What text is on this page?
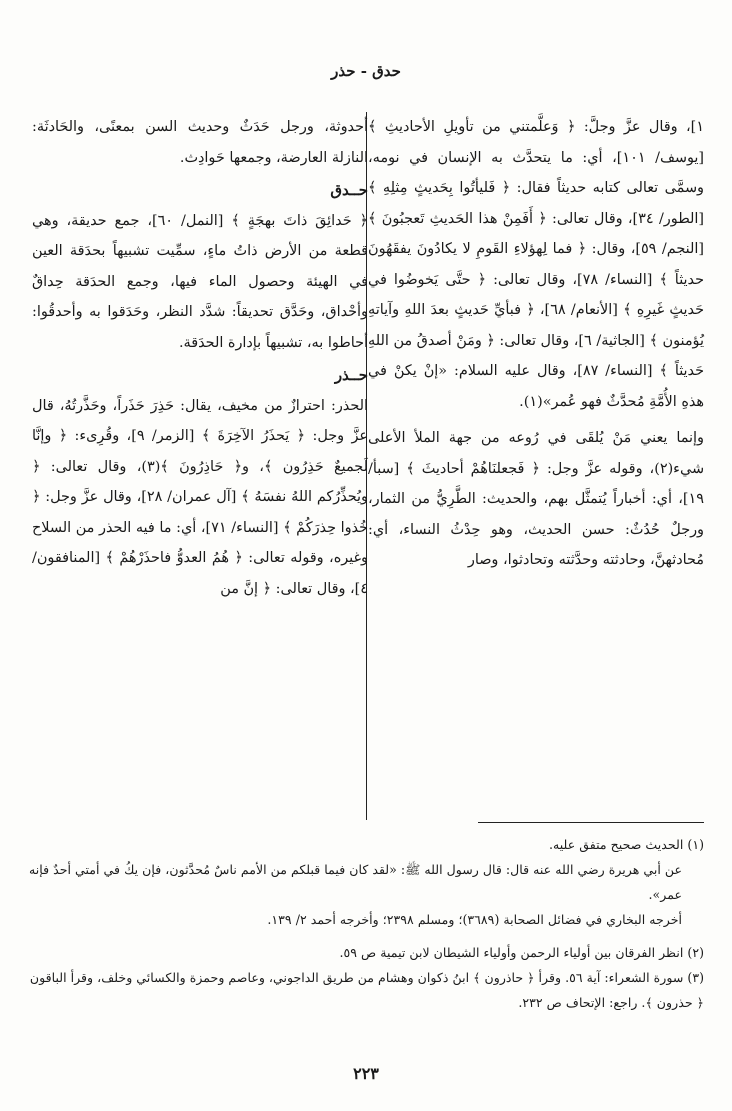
حدق - حذر

١]، وقال عزَّ وجلَّ: ﴿ وَعلَّمتني من تأويلِ الأحاديثِ ﴾ [يوسف/ ١٠١]، أي: ما يتحدَّث به الإنسان في نومه، وسمَّى تعالى كتابه حديثاً فقال: ﴿ فَليأتُوا بِحَديثٍ مِثلِهِ ﴾ [الطور/ ٣٤]، وقال تعالى: ﴿ أَفَمِنْ هذا الحَديثِ تَعجبُونَ ﴾ [النجم/ ٥٩]، وقال: ﴿ فما لِهؤلاءِ القَومِ لا يكادُونَ يفقَهُونَ حديثاً ﴾ [النساء/ ٧٨]، وقال تعالى: ﴿ حتَّى يَخوضُوا في حَديثٍ غَيرِهِ ﴾ [الأنعام/ ٦٨]، ﴿ فبأيِّ حَديثٍ بعدَ اللهِ وآياتهِ يُؤمنون ﴾ [الجاثية/ ٦]، وقال تعالى: ﴿ ومَنْ أصدقُ من اللهِ حَديثاً ﴾ [النساء/ ٨٧]، وقال عليه السلام: «إنْ يكنْ في هذهِ الأُمَّةِ مُحدَّثٌ فهو عُمر»(١).

وإنما يعني مَنْ يُلقَى في رُوعه من جهة الملأ الأعلى شيء(٢)، وقوله عزَّ وجل: ﴿ فَجعلنَاهُمْ أحاديثَ ﴾ [سبأ/ ١٩]، أي: أخباراً يُتمثَّل بهم، والحديث: الطَّرِيُّ من الثمار، ورجلٌ حُدُثٌ: حسن الحديث، وهو حِدْثُ النساء، أي: مُحادثهنَّ، وحادثته وحدَّثته وتحادثوا، وصار

أحدوثة، ورجل حَدَثٌ وحديث السن بمعنًى، والحَادثَة: النازلة العارضة، وجمعها حَوادِث.

حــدق

﴿ حَدائِقَ ذاتَ بهجَةٍ ﴾ [النمل/ ٦٠]، جمع حديقة، وهي قطعة من الأرض ذاتُ ماءٍ، سمِّيت تشبيهاً بحدَقة العين في الهيئة وحصول الماء فيها، وجمع الحدَقة حِداقٌ وأحْداق، وحَدَّق تحديقاً: شدَّد النظر، وحَدَقوا به وأحدقُوا: أحاطوا به، تشبيهاً بإدارة الحدَقة.

حــذر

الحذر: احترازٌ من مخيف، يقال: حَذِرَ حَذَراً، وحَذَّرتُهُ، قال عزَّ وجل: ﴿ يَحذَرُ الآخِرَةَ ﴾ [الزمر/ ٩]، وقُرِىء: ﴿ وإنَّا لَجميعٌ حَذِرُون ﴾، و﴿ حَاذِرُونَ ﴾(٣)، وقال تعالى: ﴿ ويُحذِّرُكم اللهُ نفسَهُ ﴾ [آل عمران/ ٢٨]، وقال عزَّ وجل: ﴿ خُذوا حِذرَكُمْ ﴾ [النساء/ ٧١]، أي: ما فيه الحذر من السلاح وغيره، وقوله تعالى: ﴿ هُمُ العدوُّ فاحذَرْهُمْ ﴾ [المنافقون/٤]، وقال تعالى: ﴿ إنَّ من

(١) الحديث صحيح متفق عليه.

عن أبي هريرة رضي الله عنه قال: قال رسول الله ﷺ: «لقد كان فيما قبلكم من الأمم ناسٌ مُحدَّثون، فإن يكُ في أمتي أحدٌ فإنه عمر».

أخرجه البخاري في فضائل الصحابة (٣٦٨٩)؛ ومسلم ٢٣٩٨؛ وأخرجه أحمد ٢/ ١٣٩.

(٢) انظر الفرقان بين أولياء الرحمن وأولياء الشيطان لابن تيمية ص ٥٩.

(٣) سورة الشعراء: آية ٥٦. وقرأ ﴿ حاذرون ﴾ ابنُ ذكوان وهشام من طريق الداجوني، وعاصم وحمزة والكسائي وخلف، وقرأ الباقون ﴿ حذرون ﴾. راجع: الإتحاف ص ٢٣٢.

٢٢٣
